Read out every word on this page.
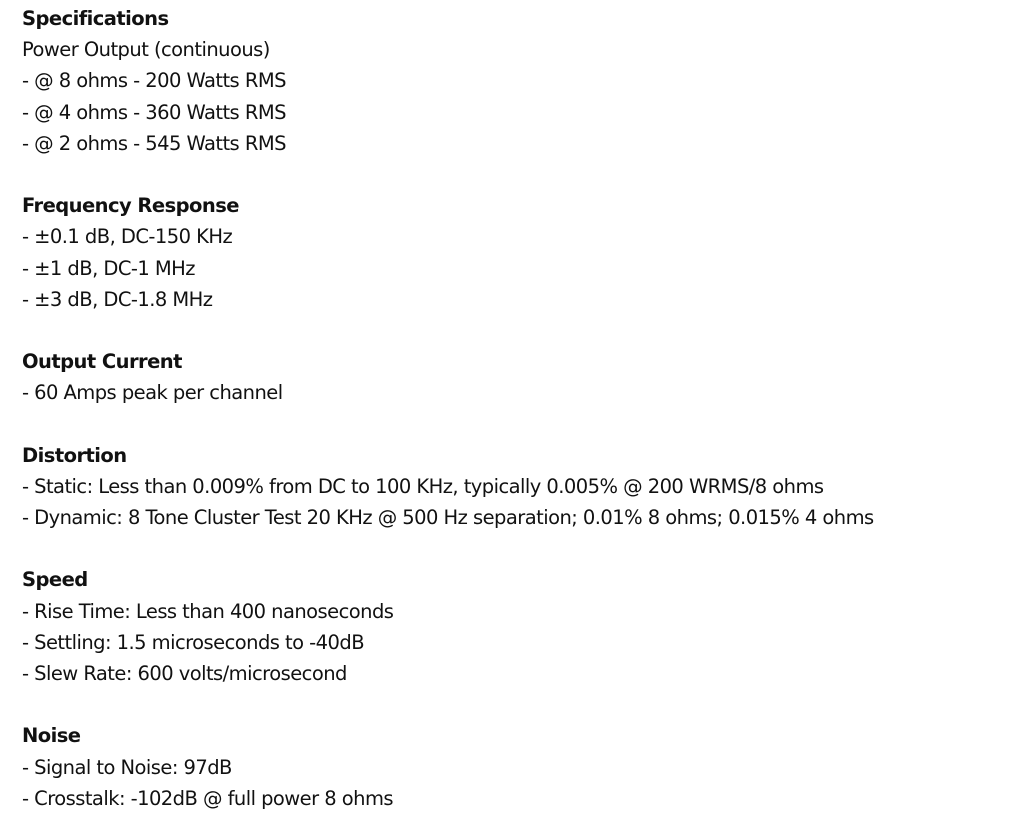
Specifications
Power Output (continuous)
- @ 8 ohms - 200 Watts RMS
- @ 4 ohms - 360 Watts RMS
- @ 2 ohms - 545 Watts RMS
Frequency Response
- ±0.1 dB, DC-150 KHz
- ±1 dB, DC-1 MHz
- ±3 dB, DC-1.8 MHz
Output Current
- 60 Amps peak per channel
Distortion
- Static: Less than 0.009% from DC to 100 KHz, typically 0.005% @ 200 WRMS/8 ohms
- Dynamic: 8 Tone Cluster Test 20 KHz @ 500 Hz separation; 0.01% 8 ohms; 0.015% 4 ohms
Speed
- Rise Time: Less than 400 nanoseconds
- Settling: 1.5 microseconds to -40dB
- Slew Rate: 600 volts/microsecond
Noise
- Signal to Noise: 97dB
- Crosstalk: -102dB @ full power 8 ohms
